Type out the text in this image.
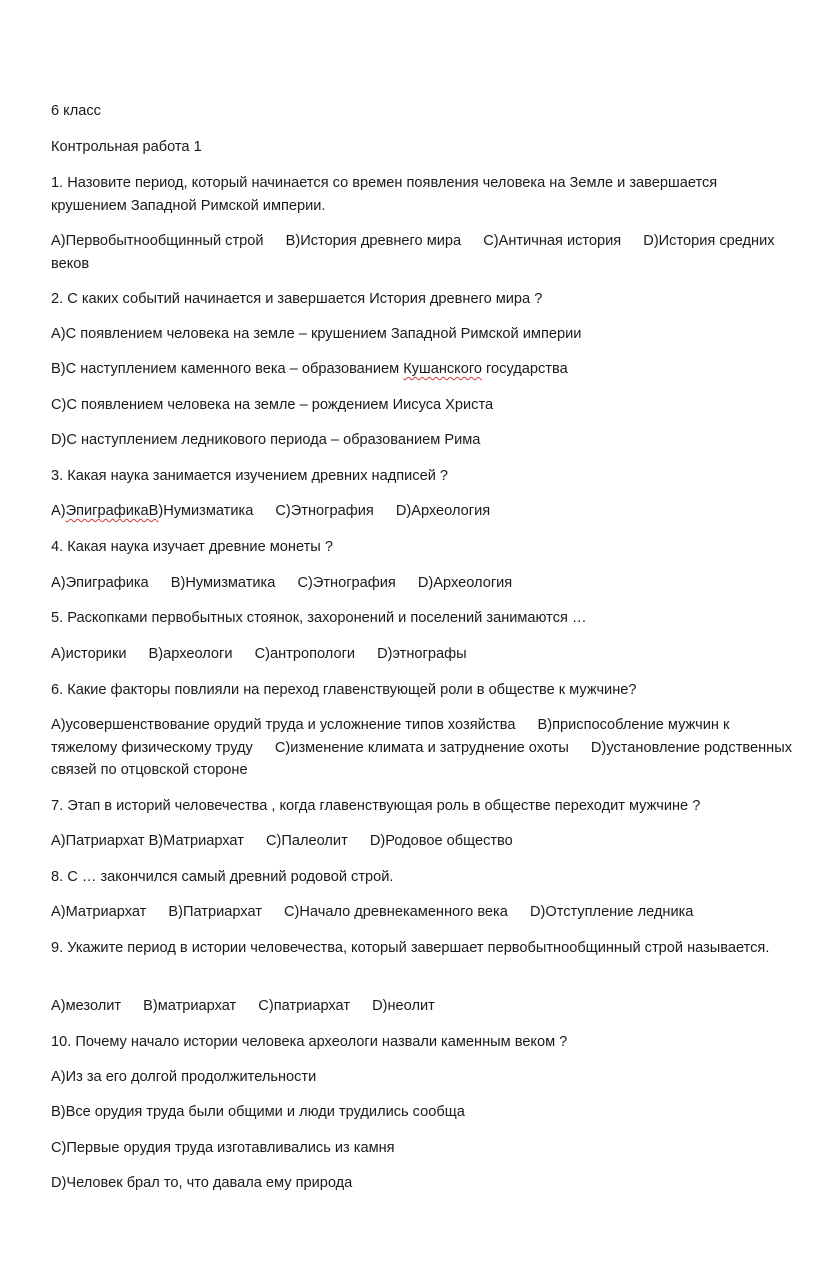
6 класс
Контрольная работа 1
1. Назовите период, который начинается со времен появления человека на Земле и завершается крушением Западной Римской империи.
А)Первобытнообщинный строй В)История древнего мира С)Античная история D)История средних веков
2. С каких событий начинается и завершается История древнего мира ?
А)С появлением человека на земле – крушением Западной Римской империи
В)С наступлением каменного века – образованием Кушанского государства
С)С появлением человека на земле – рождением Иисуса Христа
D)С наступлением ледникового периода – образованием Рима
3. Какая наука занимается изучением древних надписей ?
А)ЭпиграфикаВ)Нумизматика С)Этнография D)Археология
4. Какая наука изучает древние монеты ?
А)Эпиграфика В)Нумизматика С)Этнография D)Археология
5. Раскопками первобытных стоянок, захоронений и поселений занимаются …
А)историки В)археологи С)антропологи D)этнографы
6. Какие факторы повлияли на переход главенствующей роли в обществе к мужчине?
А)усовершенствование орудий труда и усложнение типов хозяйства В)приспособление мужчин к тяжелому физическому труду С)изменение климата и затруднение охоты D)установление родственных связей по отцовской стороне
7. Этап в историй человечества , когда главенствующая роль в обществе переходит мужчине ?
А)Патриархат В)Матриархат С)Палеолит D)Родовое общество
8. С … закончился самый древний родовой строй.
А)Матриархат В)Патриархат С)Начало древнекаменного века D)Отступление ледника
9. Укажите период в истории человечества, который завершает первобытнообщинный строй называется.
А)мезолит В)матриархат С)патриархат D)неолит
10. Почему начало истории человека археологи назвали каменным веком ?
А)Из за его долгой продолжительности
В)Все орудия труда были общими и люди трудились сообща
С)Первые орудия труда изготавливались из камня
D)Человек брал то, что давала ему природа
